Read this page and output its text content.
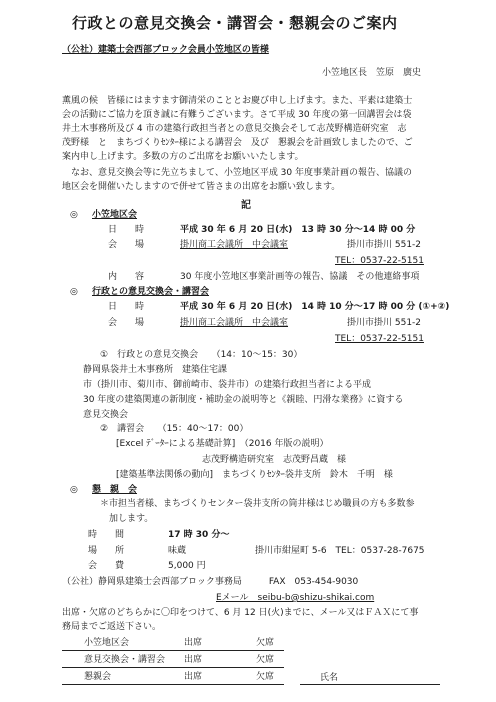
行政との意見交換会・講習会・懇親会のご案内
（公社）建築士会西部ブロック会員小笠地区の皆様
小笠地区長　笠原　廣史
薫風の候　皆様にはますます御清栄のこととお慶び申し上げます。また、平素は建築士
会の活動にご協力を頂き誠に有難うございます。さて平成 30 年度の第一回講習会は袋
井土木事務所及び 4 市の建築行政担当者との意見交換会そして志茂野構造研究室　志
茂野様　と　まちづくりｾﾝﾀｰ様による講習会　及び　懇親会を計画致しましたので、ご
案内申し上げます。多数の方のご出席をお願いいたします。
　なお、意見交換会等に先立ちまして、小笠地区平成 30 年度事業計画の報告、協議の
地区会を開催いたしますので併せて皆さまの出席をお願い致します。
記
◎ 小笠地区会
日　　時	平成 30 年 6 月 20 日(水)　13 時 30 分～14 時 00 分
会　　場	掛川商工会議所　中会議室	掛川市掛川 551-2
TEL：0537-22-5151
内　　容	30 年度小笠地区事業計画等の報告、協議　その他連絡事項
◎ 行政との意見交換会・講習会
日　　時	平成 30 年 6 月 20 日(水)　14 時 10 分～17 時 00 分 (①+②)
会　　場	掛川商工会議所　中会議室	掛川市掛川 551-2
TEL：0537-22-5151
①　行政との意見交換会　　（14：10～15：30）
静岡県袋井土木事務所　建築住宅課
市（掛川市、菊川市、御前崎市、袋井市）の建築行政担当者による平成
30 年度の建築関連の新制度・補助金の説明等と《親睦、円滑な業務》に資する
意見交換会
②　講習会　　（15：40～17：00）
[Excel ﾃﾞｰﾀｰによる基礎計算]　（2016 年版の説明）
志茂野構造研究室　志茂野昌蔵　様
[建築基準法関係の動向]　まちづくりｾﾝﾀｰ袋井支所　鈴木　千明　様
◎ 懇　親　会
＊市担当者様、まちづくりセンター袋井支所の筒井様はじめ職員の方も多数参
　加します。
時　　間	17 時 30 分～
場　　所	味蔵	掛川市紺屋町 5-6　TEL：0537-28-7675
会　　費	5,000 円
（公社）静岡県建築士会西部ブロック事務局　　　FAX　053-454-9030
Eメール　seibu-b@shizu-shikai.com
出席・欠席のどちらかに〇印をつけて、6 月 12 日(火)までに、メール又はＦＡＸにて事
務局までご返送下さい。
小笠地区会	出席	欠席
意見交換会・講習会 出席	欠席
懇親会	出席	欠席	氏名
